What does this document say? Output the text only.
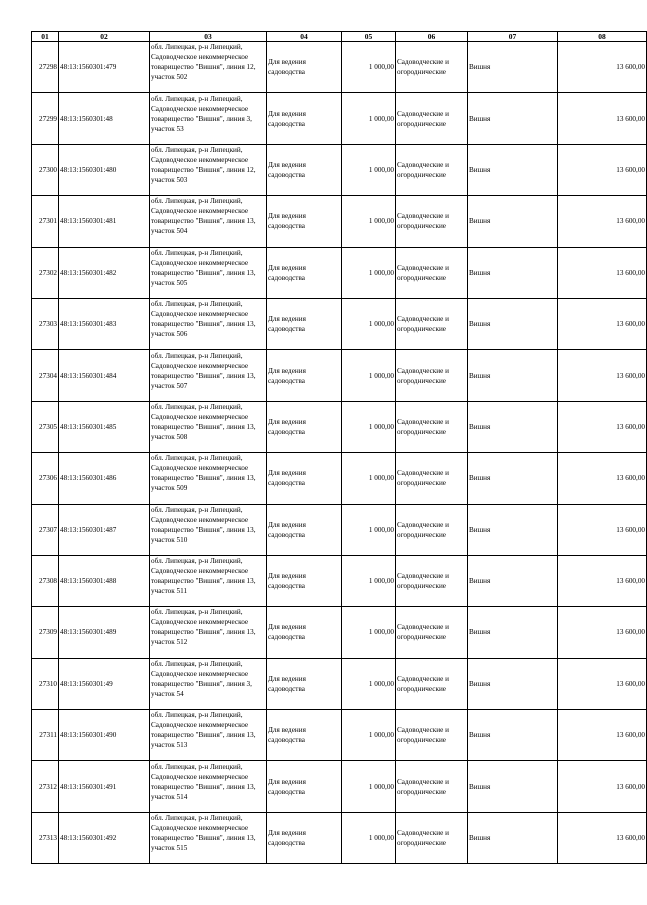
01	02	03	04	05	06	07	08
27298	48:13:1560301:479	обл. Липецкая, р-н Липецкий, Садоводческое некоммерческое товарищество "Вишня", линия 12, участок 502	Для ведения садоводства	1 000,00	Садоводческие и огороднические	Вишня	13 600,00
27299	48:13:1560301:48	обл. Липецкая, р-н Липецкий, Садоводческое некоммерческое товарищество "Вишня", линия 3, участок 53	Для ведения садоводства	1 000,00	Садоводческие и огороднические	Вишня	13 600,00
27300	48:13:1560301:480	обл. Липецкая, р-н Липецкий, Садоводческое некоммерческое товарищество "Вишня", линия 12, участок 503	Для ведения садоводства	1 000,00	Садоводческие и огороднические	Вишня	13 600,00
27301	48:13:1560301:481	обл. Липецкая, р-н Липецкий, Садоводческое некоммерческое товарищество "Вишня", линия 13, участок 504	Для ведения садоводства	1 000,00	Садоводческие и огороднические	Вишня	13 600,00
27302	48:13:1560301:482	обл. Липецкая, р-н Липецкий, Садоводческое некоммерческое товарищество "Вишня", линия 13, участок 505	Для ведения садоводства	1 000,00	Садоводческие и огороднические	Вишня	13 600,00
27303	48:13:1560301:483	обл. Липецкая, р-н Липецкий, Садоводческое некоммерческое товарищество "Вишня", линия 13, участок 506	Для ведения садоводства	1 000,00	Садоводческие и огороднические	Вишня	13 600,00
27304	48:13:1560301:484	обл. Липецкая, р-н Липецкий, Садоводческое некоммерческое товарищество "Вишня", линия 13, участок 507	Для ведения садоводства	1 000,00	Садоводческие и огороднические	Вишня	13 600,00
27305	48:13:1560301:485	обл. Липецкая, р-н Липецкий, Садоводческое некоммерческое товарищество "Вишня", линия 13, участок 508	Для ведения садоводства	1 000,00	Садоводческие и огороднические	Вишня	13 600,00
27306	48:13:1560301:486	обл. Липецкая, р-н Липецкий, Садоводческое некоммерческое товарищество "Вишня", линия 13, участок 509	Для ведения садоводства	1 000,00	Садоводческие и огороднические	Вишня	13 600,00
27307	48:13:1560301:487	обл. Липецкая, р-н Липецкий, Садоводческое некоммерческое товарищество "Вишня", линия 13, участок 510	Для ведения садоводства	1 000,00	Садоводческие и огороднические	Вишня	13 600,00
27308	48:13:1560301:488	обл. Липецкая, р-н Липецкий, Садоводческое некоммерческое товарищество "Вишня", линия 13, участок 511	Для ведения садоводства	1 000,00	Садоводческие и огороднические	Вишня	13 600,00
27309	48:13:1560301:489	обл. Липецкая, р-н Липецкий, Садоводческое некоммерческое товарищество "Вишня", линия 13, участок 512	Для ведения садоводства	1 000,00	Садоводческие и огороднические	Вишня	13 600,00
27310	48:13:1560301:49	обл. Липецкая, р-н Липецкий, Садоводческое некоммерческое товарищество "Вишня", линия 3, участок 54	Для ведения садоводства	1 000,00	Садоводческие и огороднические	Вишня	13 600,00
27311	48:13:1560301:490	обл. Липецкая, р-н Липецкий, Садоводческое некоммерческое товарищество "Вишня", линия 13, участок 513	Для ведения садоводства	1 000,00	Садоводческие и огороднические	Вишня	13 600,00
27312	48:13:1560301:491	обл. Липецкая, р-н Липецкий, Садоводческое некоммерческое товарищество "Вишня", линия 13, участок 514	Для ведения садоводства	1 000,00	Садоводческие и огороднические	Вишня	13 600,00
27313	48:13:1560301:492	обл. Липецкая, р-н Липецкий, Садоводческое некоммерческое товарищество "Вишня", линия 13, участок 515	Для ведения садоводства	1 000,00	Садоводческие и огороднические	Вишня	13 600,00
